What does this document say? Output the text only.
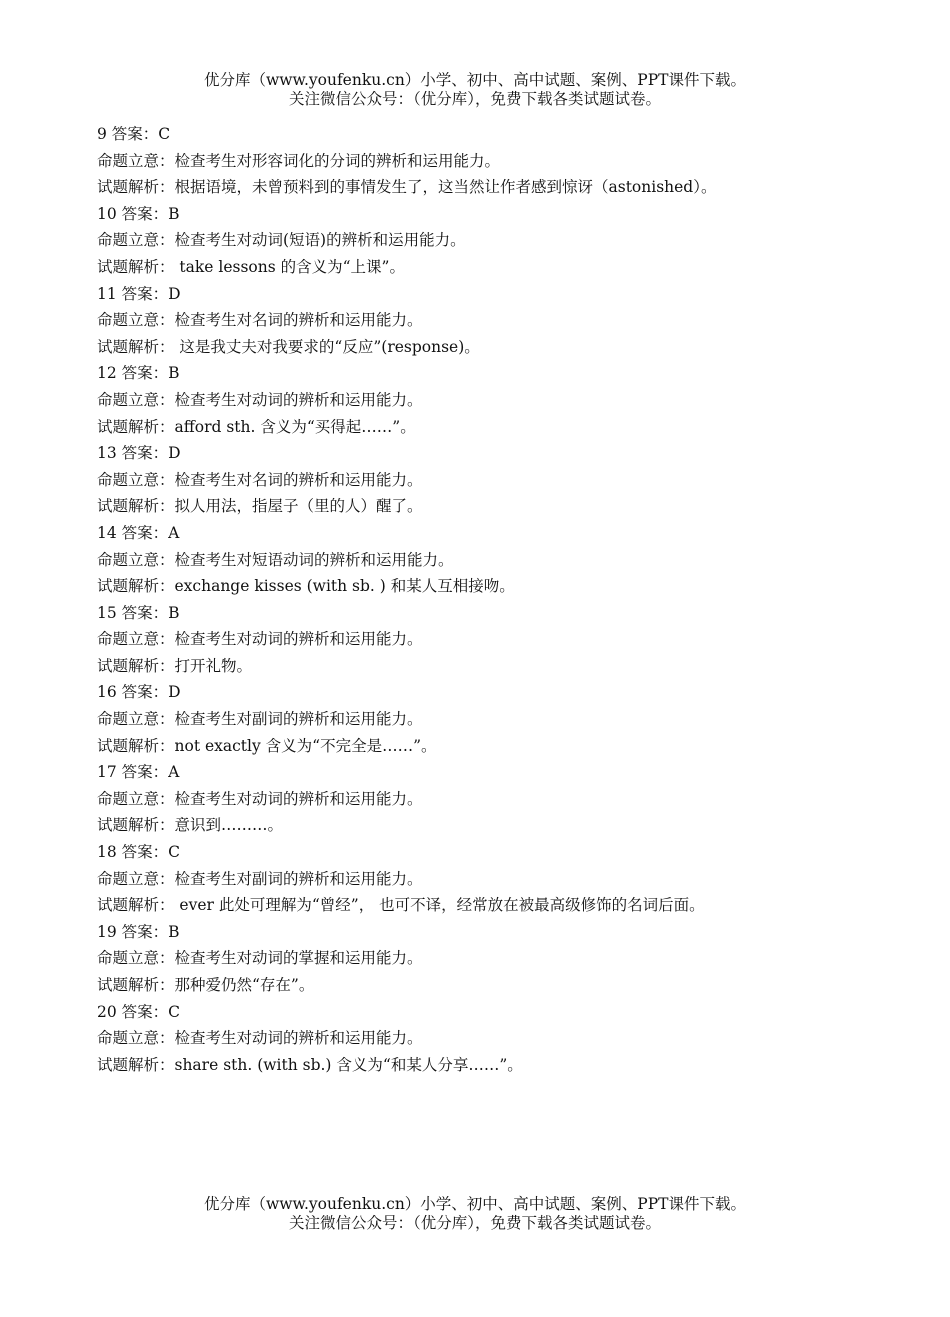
优分库（www.youfenku.cn）小学、初中、高中试题、案例、PPT课件下载。
关注微信公众号：（优分库），免费下载各类试题试卷。
9 答案：C
命题立意：检查考生对形容词化的分词的辨析和运用能力。
试题解析：根据语境，未曾预料到的事情发生了，这当然让作者感到惊讶（astonished）。
10 答案：B
命题立意：检查考生对动词(短语)的辨析和运用能力。
试题解析： take lessons 的含义为“上课”。
11 答案：D
命题立意：检查考生对名词的辨析和运用能力。
试题解析： 这是我丈夫对我要求的“反应”(response)。
12 答案：B
命题立意：检查考生对动词的辨析和运用能力。
试题解析：afford sth. 含义为“买得起……”。
13 答案：D
命题立意：检查考生对名词的辨析和运用能力。
试题解析：拟人用法，指屋子（里的人）醒了。
14 答案：A
命题立意：检查考生对短语动词的辨析和运用能力。
试题解析：exchange kisses (with sb. ) 和某人互相接吻。
15 答案：B
命题立意：检查考生对动词的辨析和运用能力。
试题解析：打开礼物。
16 答案：D
命题立意：检查考生对副词的辨析和运用能力。
试题解析：not exactly 含义为“不完全是……”。
17 答案：A
命题立意：检查考生对动词的辨析和运用能力。
试题解析：意识到………。
18 答案：C
命题立意：检查考生对副词的辨析和运用能力。
试题解析： ever 此处可理解为“曾经”， 也可不译，经常放在被最高级修饰的名词后面。
19 答案：B
命题立意：检查考生对动词的掌握和运用能力。
试题解析：那种爱仍然“存在”。
20 答案：C
命题立意：检查考生对动词的辨析和运用能力。
试题解析：share sth. (with sb.) 含义为“和某人分享……”。
优分库（www.youfenku.cn）小学、初中、高中试题、案例、PPT课件下载。
关注微信公众号：（优分库），免费下载各类试题试卷。
